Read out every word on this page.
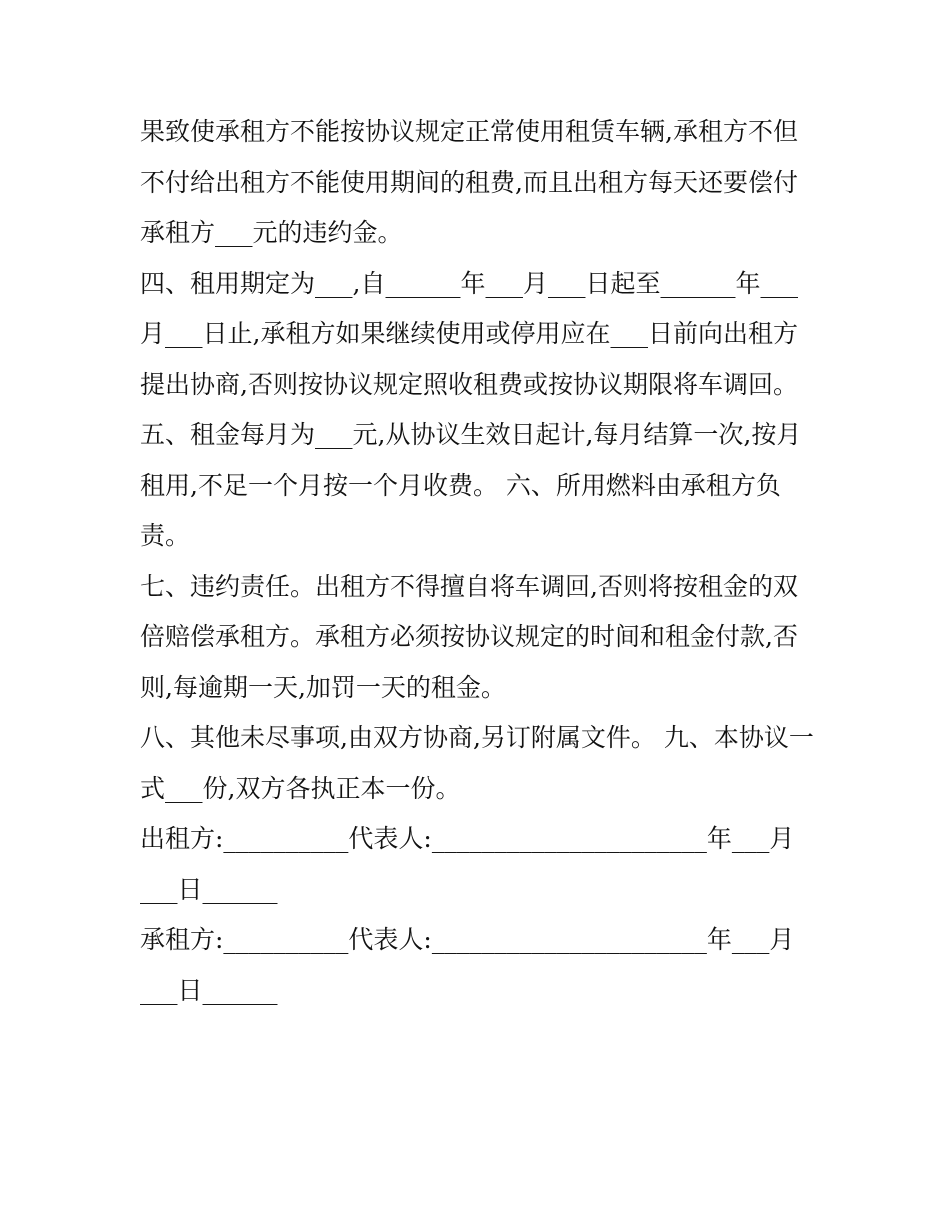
果致使承租方不能按协议规定正常使用租赁车辆,承租方不但
不付给出租方不能使用期间的租费,而且出租方每天还要偿付
承租方___元的违约金。
四、租用期定为___,自______年___月___日起至______年___
月___日止,承租方如果继续使用或停用应在___日前向出租方
提出协商,否则按协议规定照收租费或按协议期限将车调回。
五、租金每月为___元,从协议生效日起计,每月结算一次,按月
租用,不足一个月按一个月收费。 六、所用燃料由承租方负
责。
七、违约责任。出租方不得擅自将车调回,否则将按租金的双
倍赔偿承租方。承租方必须按协议规定的时间和租金付款,否
则,每逾期一天,加罚一天的租金。
八、其他未尽事项,由双方协商,另订附属文件。 九、本协议一
式___份,双方各执正本一份。
出租方:__________代表人:______________________年___月
___日______
承租方:__________代表人:______________________年___月
___日______
